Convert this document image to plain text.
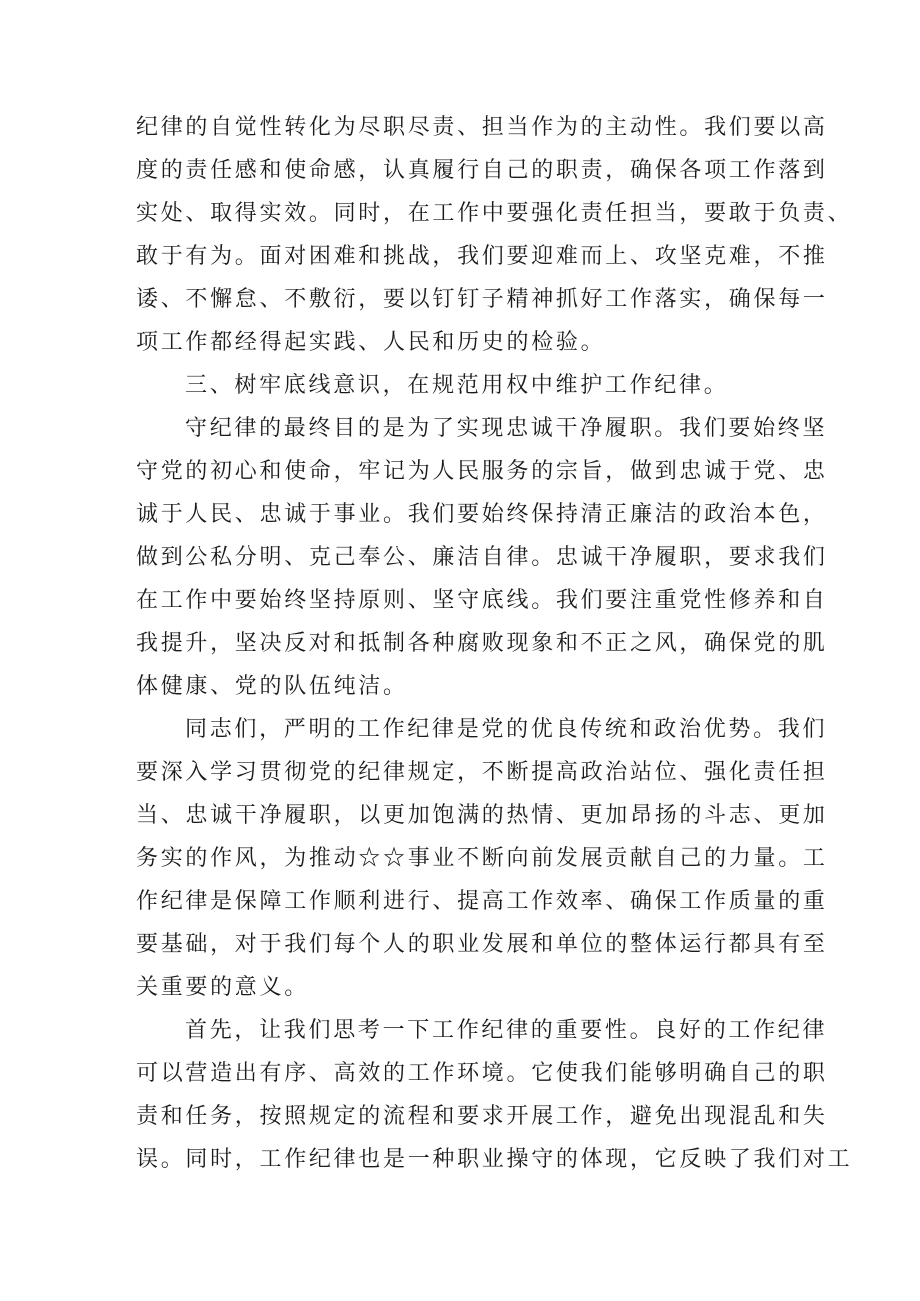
纪律的自觉性转化为尽职尽责、担当作为的主动性。我们要以高
度的责任感和使命感，认真履行自己的职责，确保各项工作落到
实处、取得实效。同时，在工作中要强化责任担当，要敢于负责、
敢于有为。面对困难和挑战，我们要迎难而上、攻坚克难，不推
诿、不懈怠、不敷衍，要以钉钉子精神抓好工作落实，确保每一
项工作都经得起实践、人民和历史的检验。
三、树牢底线意识，在规范用权中维护工作纪律。
守纪律的最终目的是为了实现忠诚干净履职。我们要始终坚
守党的初心和使命，牢记为人民服务的宗旨，做到忠诚于党、忠
诚于人民、忠诚于事业。我们要始终保持清正廉洁的政治本色，
做到公私分明、克己奉公、廉洁自律。忠诚干净履职，要求我们
在工作中要始终坚持原则、坚守底线。我们要注重党性修养和自
我提升，坚决反对和抵制各种腐败现象和不正之风，确保党的肌
体健康、党的队伍纯洁。
同志们，严明的工作纪律是党的优良传统和政治优势。我们
要深入学习贯彻党的纪律规定，不断提高政治站位、强化责任担
当、忠诚干净履职，以更加饱满的热情、更加昂扬的斗志、更加
务实的作风，为推动☆☆事业不断向前发展贡献自己的力量。工
作纪律是保障工作顺利进行、提高工作效率、确保工作质量的重
要基础，对于我们每个人的职业发展和单位的整体运行都具有至
关重要的意义。
首先，让我们思考一下工作纪律的重要性。良好的工作纪律
可以营造出有序、高效的工作环境。它使我们能够明确自己的职
责和任务，按照规定的流程和要求开展工作，避免出现混乱和失
误。同时，工作纪律也是一种职业操守的体现，它反映了我们对工
